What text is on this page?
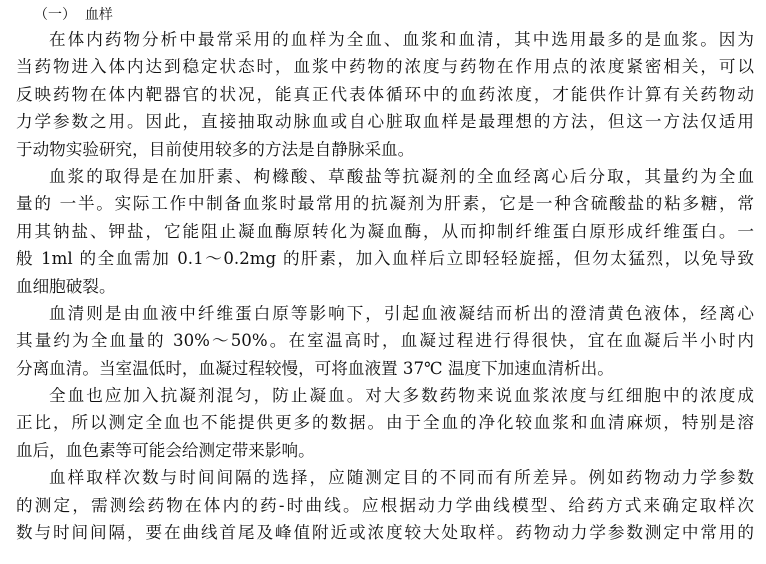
（一）  血样
在体内药物分析中最常采用的血样为全血、血浆和血清，其中选用最多的是血浆。因为
当药物进入体内达到稳定状态时，血浆中药物的浓度与药物在作用点的浓度紧密相关，可以
反映药物在体内靶器官的状况，能真正代表体循环中的血药浓度，才能供作计算有关药物动
力学参数之用。因此，直接抽取动脉血或自心脏取血样是最理想的方法，但这一方法仅适用
于动物实验研究，目前使用较多的方法是自静脉采血。
血浆的取得是在加肝素、枸橼酸、草酸盐等抗凝剂的全血经离心后分取，其量约为全血
量的 一半。实际工作中制备血浆时最常用的抗凝剂为肝素，它是一种含硫酸盐的粘多糖，常
用其钠盐、钾盐，它能阻止凝血酶原转化为凝血酶，从而抑制纤维蛋白原形成纤维蛋白。一
般 1ml 的全血需加 0.1～0.2mg 的肝素，加入血样后立即轻轻旋摇，但勿太猛烈，以免导致
血细胞破裂。
血清则是由血液中纤维蛋白原等影响下，引起血液凝结而析出的澄清黄色液体，经离心
其量约为全血量的 30%～50%。在室温高时，血凝过程进行得很快，宜在血凝后半小时内
分离血清。当室温低时，血凝过程较慢，可将血液置 37℃ 温度下加速血清析出。
全血也应加入抗凝剂混匀，防止凝血。对大多数药物来说血浆浓度与红细胞中的浓度成
正比，所以测定全血也不能提供更多的数据。由于全血的净化较血浆和血清麻烦，特别是溶
血后，血色素等可能会给测定带来影响。
血样取样次数与时间间隔的选择，应随测定目的不同而有所差异。例如药物动力学参数
的测定，需测绘药物在体内的药-时曲线。应根据动力学曲线模型、给药方式来确定取样次
数与时间间隔，要在曲线首尾及峰值附近或浓度较大处取样。药物动力学参数测定中常用的
